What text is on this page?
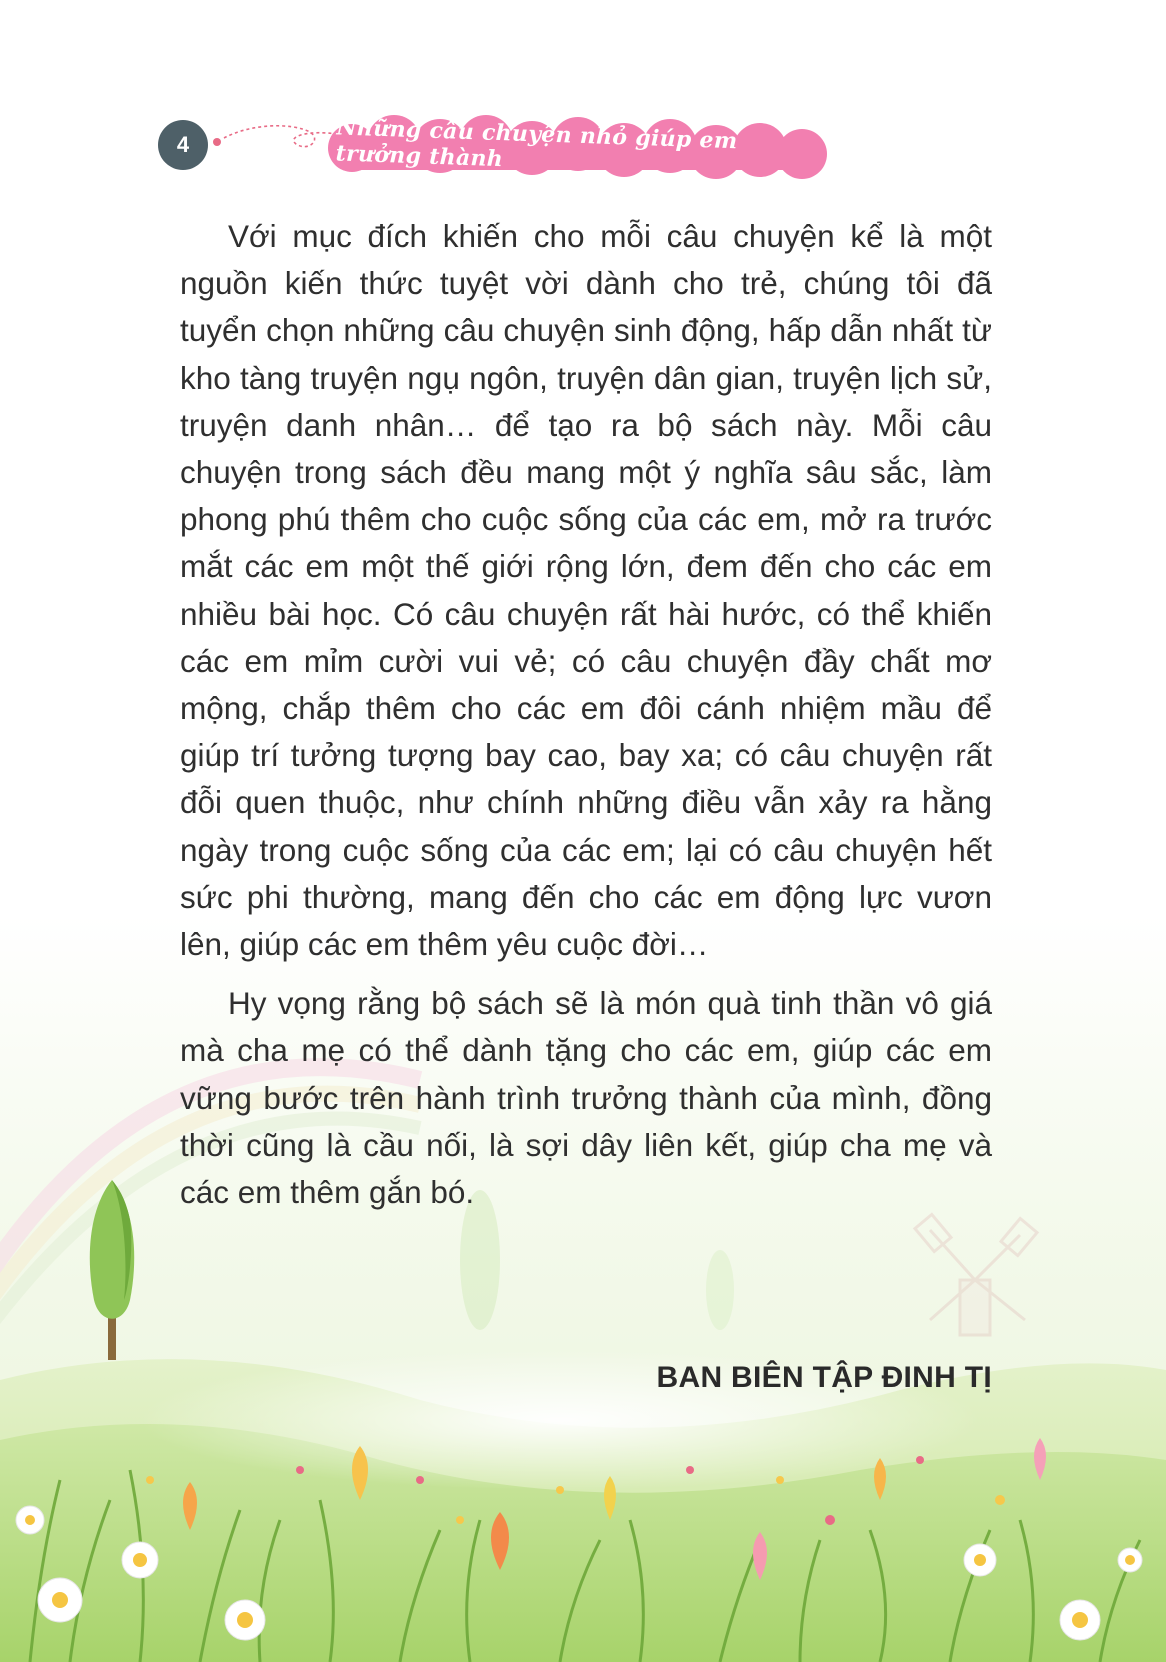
4	Những câu chuyện nhỏ giúp em trưởng thành

Với mục đích khiến cho mỗi câu chuyện kể là một nguồn kiến thức tuyệt vời dành cho trẻ, chúng tôi đã tuyển chọn những câu chuyện sinh động, hấp dẫn nhất từ kho tàng truyện ngụ ngôn, truyện dân gian, truyện lịch sử, truyện danh nhân… để tạo ra bộ sách này. Mỗi câu chuyện trong sách đều mang một ý nghĩa sâu sắc, làm phong phú thêm cho cuộc sống của các em, mở ra trước mắt các em một thế giới rộng lớn, đem đến cho các em nhiều bài học. Có câu chuyện rất hài hước, có thể khiến các em mỉm cười vui vẻ; có câu chuyện đầy chất mơ mộng, chắp thêm cho các em đôi cánh nhiệm mầu để giúp trí tưởng tượng bay cao, bay xa; có câu chuyện rất đỗi quen thuộc, như chính những điều vẫn xảy ra hằng ngày trong cuộc sống của các em; lại có câu chuyện hết sức phi thường, mang đến cho các em động lực vươn lên, giúp các em thêm yêu cuộc đời…

Hy vọng rằng bộ sách sẽ là món quà tinh thần vô giá mà cha mẹ có thể dành tặng cho các em, giúp các em vững bước trên hành trình trưởng thành của mình, đồng thời cũng là cầu nối, là sợi dây liên kết, giúp cha mẹ và các em thêm gắn bó.

BAN BIÊN TẬP ĐINH TỊ
